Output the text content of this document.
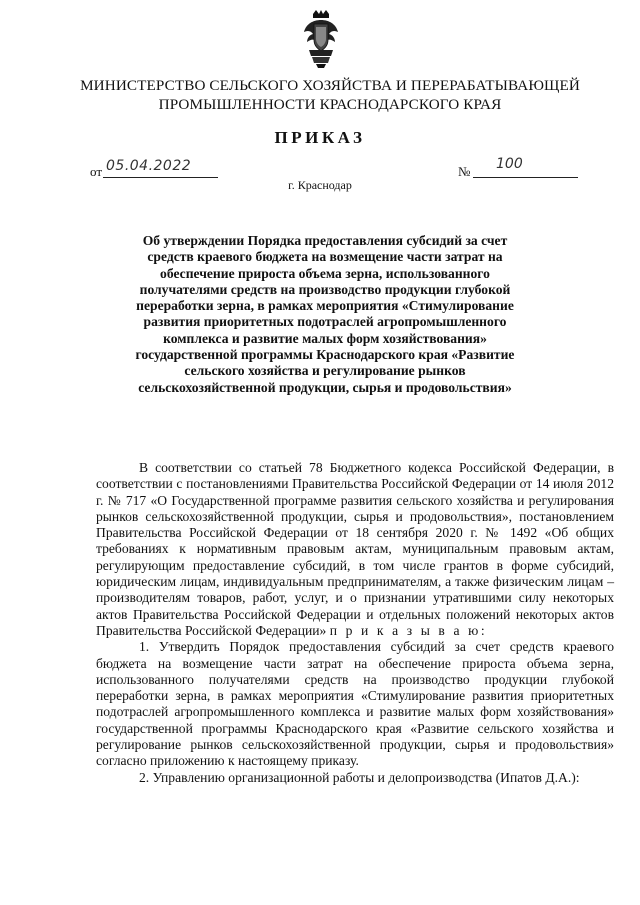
МИНИСТЕРСТВО СЕЛЬСКОГО ХОЗЯЙСТВА И ПЕРЕРАБАТЫВАЮЩЕЙ
ПРОМЫШЛЕННОСТИ КРАСНОДАРСКОГО КРАЯ
ПРИКАЗ
от 05.04.2022	№ 100
г. Краснодар
Об утверждении Порядка предоставления субсидий за счет средств краевого бюджета на возмещение части затрат на обеспечение прироста объема зерна, использованного получателями средств на производство продукции глубокой переработки зерна, в рамках мероприятия «Стимулирование развития приоритетных подотраслей агропромышленного комплекса и развитие малых форм хозяйствования» государственной программы Краснодарского края «Развитие сельского хозяйства и регулирование рынков сельскохозяйственной продукции, сырья и продовольствия»

В соответствии со статьей 78 Бюджетного кодекса Российской Федерации, в соответствии с постановлениями Правительства Российской Федерации от 14 июля 2012 г. № 717 «О Государственной программе развития сельского хозяйства и регулирования рынков сельскохозяйственной продукции, сырья и продовольствия», постановлением Правительства Российской Федерации от 18 сентября 2020 г. № 1492 «Об общих требованиях к нормативным правовым актам, муниципальным правовым актам, регулирующим предоставление субсидий, в том числе грантов в форме субсидий, юридическим лицам, индивидуальным предпринимателям, а также физическим лицам – производителям товаров, работ, услуг, и о признании утратившими силу некоторых актов Правительства Российской Федерации и отдельных положений некоторых актов Правительства Российской Федерации» п р и к а з ы в а ю:

1. Утвердить Порядок предоставления субсидий за счет средств краевого бюджета на возмещение части затрат на обеспечение прироста объема зерна, использованного получателями средств на производство продукции глубокой переработки зерна, в рамках мероприятия «Стимулирование развития приоритетных подотраслей агропромышленного комплекса и развитие малых форм хозяйствования» государственной программы Краснодарского края «Развитие сельского хозяйства и регулирование рынков сельскохозяйственной продукции, сырья и продовольствия» согласно приложению к настоящему приказу.

2. Управлению организационной работы и делопроизводства (Ипатов Д.А.):
